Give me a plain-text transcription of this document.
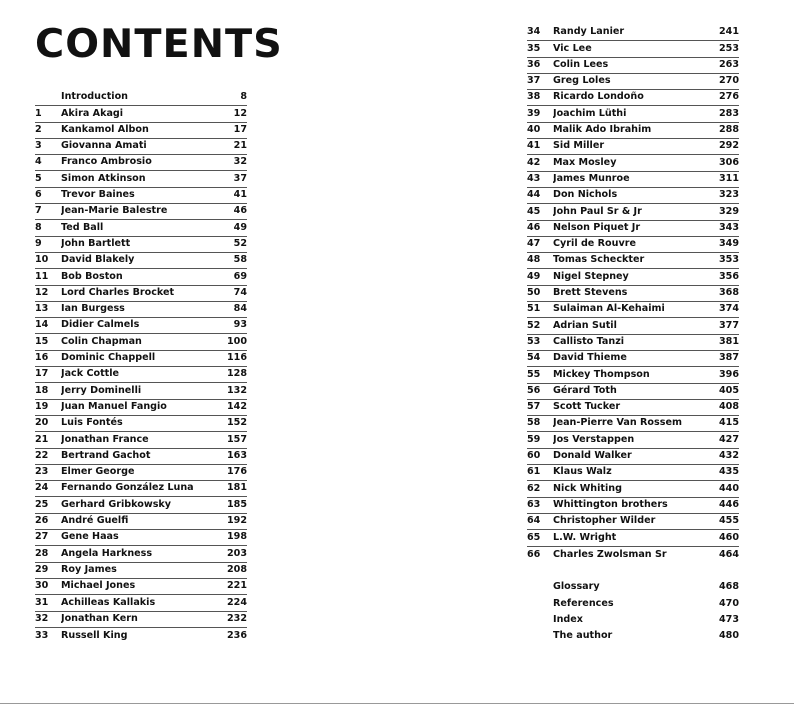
CONTENTS
Introduction	8
1	Akira Akagi	12
2	Kankamol Albon	17
3	Giovanna Amati	21
4	Franco Ambrosio	32
5	Simon Atkinson	37
6	Trevor Baines	41
7	Jean-Marie Balestre	46
8	Ted Ball	49
9	John Bartlett	52
10	David Blakely	58
11	Bob Boston	69
12	Lord Charles Brocket	74
13	Ian Burgess	84
14	Didier Calmels	93
15	Colin Chapman	100
16	Dominic Chappell	116
17	Jack Cottle	128
18	Jerry Dominelli	132
19	Juan Manuel Fangio	142
20	Luis Fontés	152
21	Jonathan France	157
22	Bertrand Gachot	163
23	Elmer George	176
24	Fernando González Luna	181
25	Gerhard Gribkowsky	185
26	André Guelfi	192
27	Gene Haas	198
28	Angela Harkness	203
29	Roy James	208
30	Michael Jones	221
31	Achilleas Kallakis	224
32	Jonathan Kern	232
33	Russell King	236
34	Randy Lanier	241
35	Vic Lee	253
36	Colin Lees	263
37	Greg Loles	270
38	Ricardo Londoño	276
39	Joachim Lüthi	283
40	Malik Ado Ibrahim	288
41	Sid Miller	292
42	Max Mosley	306
43	James Munroe	311
44	Don Nichols	323
45	John Paul Sr & Jr	329
46	Nelson Piquet Jr	343
47	Cyril de Rouvre	349
48	Tomas Scheckter	353
49	Nigel Stepney	356
50	Brett Stevens	368
51	Sulaiman Al-Kehaimi	374
52	Adrian Sutil	377
53	Callisto Tanzi	381
54	David Thieme	387
55	Mickey Thompson	396
56	Gérard Toth	405
57	Scott Tucker	408
58	Jean-Pierre Van Rossem	415
59	Jos Verstappen	427
60	Donald Walker	432
61	Klaus Walz	435
62	Nick Whiting	440
63	Whittington brothers	446
64	Christopher Wilder	455
65	L.W. Wright	460
66	Charles Zwolsman Sr	464
Glossary	468
References	470
Index	473
The author	480
